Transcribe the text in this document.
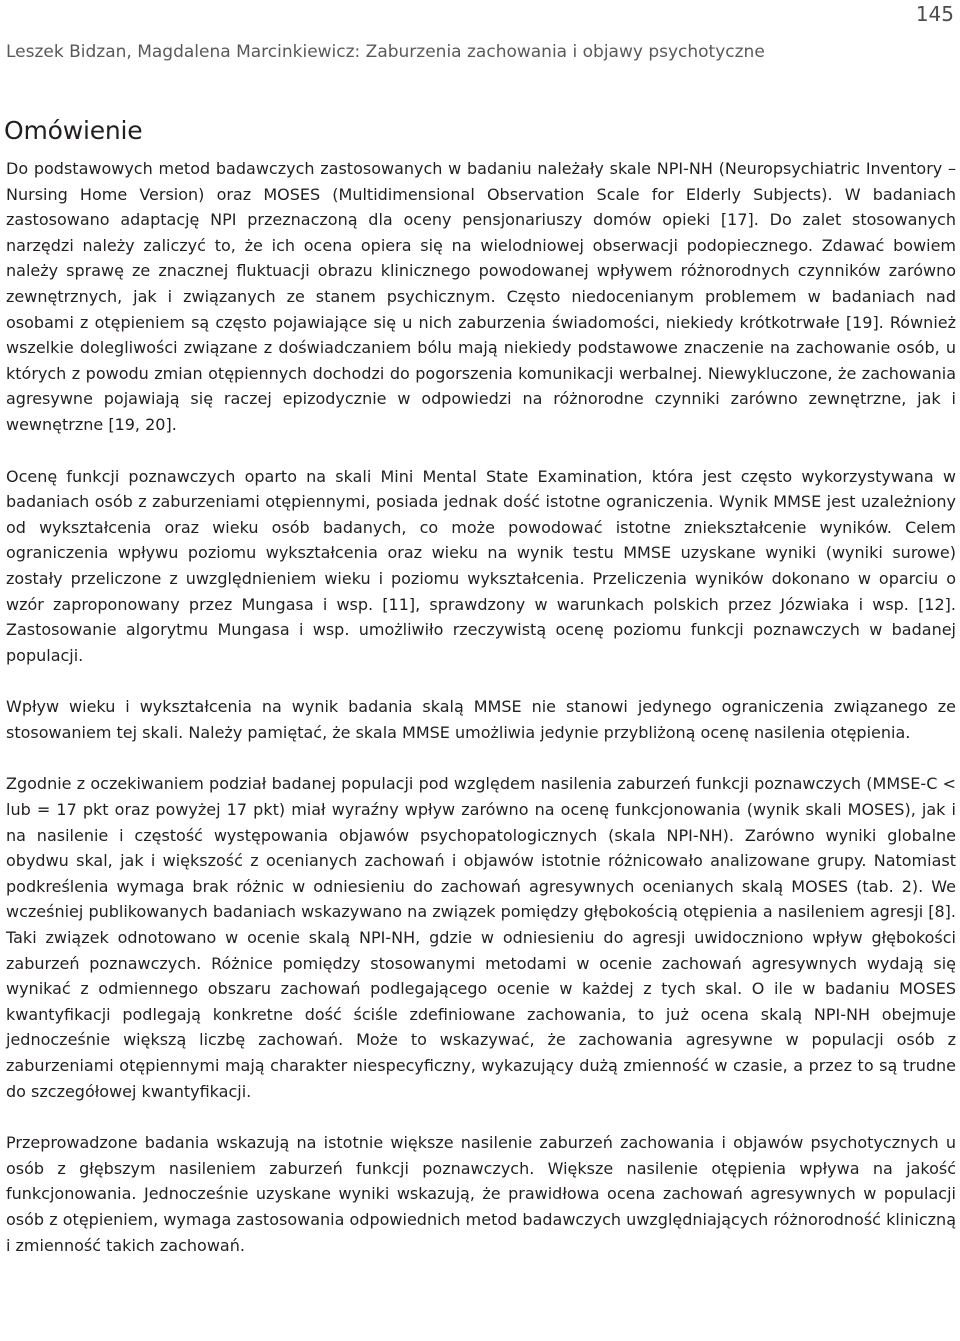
145
Leszek Bidzan, Magdalena Marcinkiewicz: Zaburzenia zachowania i objawy psychotyczne
Omówienie

Do podstawowych metod badawczych zastosowanych w badaniu należały skale NPI-NH (Neuropsychiatric Inventory – Nursing Home Version) oraz MOSES (Multidimensional Observation Scale for Elderly Subjects). W badaniach zastosowano adaptację NPI przeznaczoną dla oceny pensjonariuszy domów opieki [17]. Do zalet stosowanych narzędzi należy zaliczyć to, że ich ocena opiera się na wielodniowej obserwacji podopiecznego. Zdawać bowiem należy sprawę ze znacznej fluktuacji obrazu klinicznego powodowanej wpływem różnorodnych czynników zarówno zewnętrznych, jak i związanych ze stanem psychicznym. Często niedocenianym problemem w badaniach nad osobami z otępieniem są często pojawiające się u nich zaburzenia świadomości, niekiedy krótkotrwałe [19]. Również wszelkie dolegliwości związane z doświadczaniem bólu mają niekiedy podstawowe znaczenie na zachowanie osób, u których z powodu zmian otępiennych dochodzi do pogorszenia komunikacji werbalnej. Niewykluczone, że zachowania agresywne pojawiają się raczej epizodycznie w odpowiedzi na różnorodne czynniki zarówno zewnętrzne, jak i wewnętrzne [19, 20].

Ocenę funkcji poznawczych oparto na skali Mini Mental State Examination, która jest często wykorzystywana w badaniach osób z zaburzeniami otępiennymi, posiada jednak dość istotne ograniczenia. Wynik MMSE jest uzależniony od wykształcenia oraz wieku osób badanych, co może powodować istotne zniekształcenie wyników. Celem ograniczenia wpływu poziomu wykształcenia oraz wieku na wynik testu MMSE uzyskane wyniki (wyniki surowe) zostały przeliczone z uwzględnieniem wieku i poziomu wykształcenia. Przeliczenia wyników dokonano w oparciu o wzór zaproponowany przez Mungasa i wsp. [11], sprawdzony w warunkach polskich przez Józwiaka i wsp. [12]. Zastosowanie algorytmu Mungasa i wsp. umożliwiło rzeczywistą ocenę poziomu funkcji poznawczych w badanej populacji.

Wpływ wieku i wykształcenia na wynik badania skalą MMSE nie stanowi jedynego ograniczenia związanego ze stosowaniem tej skali. Należy pamiętać, że skala MMSE umożliwia jedynie przybliżoną ocenę nasilenia otępienia.

Zgodnie z oczekiwaniem podział badanej populacji pod względem nasilenia zaburzeń funkcji poznawczych (MMSE-C < lub = 17 pkt oraz powyżej 17 pkt) miał wyraźny wpływ zarówno na ocenę funkcjonowania (wynik skali MOSES), jak i na nasilenie i częstość występowania objawów psychopatologicznych (skala NPI-NH). Zarówno wyniki globalne obydwu skal, jak i większość z ocenianych zachowań i objawów istotnie różnicowało analizowane grupy. Natomiast podkreślenia wymaga brak różnic w odniesieniu do zachowań agresywnych ocenianych skalą MOSES (tab. 2). We wcześniej publikowanych badaniach wskazywano na związek pomiędzy głębokością otępienia a nasileniem agresji [8]. Taki związek odnotowano w ocenie skalą NPI-NH, gdzie w odniesieniu do agresji uwidoczniono wpływ głębokości zaburzeń poznawczych. Różnice pomiędzy stosowanymi metodami w ocenie zachowań agresywnych wydają się wynikać z odmiennego obszaru zachowań podlegającego ocenie w każdej z tych skal. O ile w badaniu MOSES kwantyfikacji podlegają konkretne dość ściśle zdefiniowane zachowania, to już ocena skalą NPI-NH obejmuje jednocześnie większą liczbę zachowań. Może to wskazywać, że zachowania agresywne w populacji osób z zaburzeniami otępiennymi mają charakter niespecyficzny, wykazujący dużą zmienność w czasie, a przez to są trudne do szczegółowej kwantyfikacji.

Przeprowadzone badania wskazują na istotnie większe nasilenie zaburzeń zachowania i objawów psychotycznych u osób z głębszym nasileniem zaburzeń funkcji poznawczych. Większe nasilenie otępienia wpływa na jakość funkcjonowania. Jednocześnie uzyskane wyniki wskazują, że prawidłowa ocena zachowań agresywnych w populacji osób z otępieniem, wymaga zastosowania odpowiednich metod badawczych uwzględniających różnorodność kliniczną i zmienność takich zachowań.
